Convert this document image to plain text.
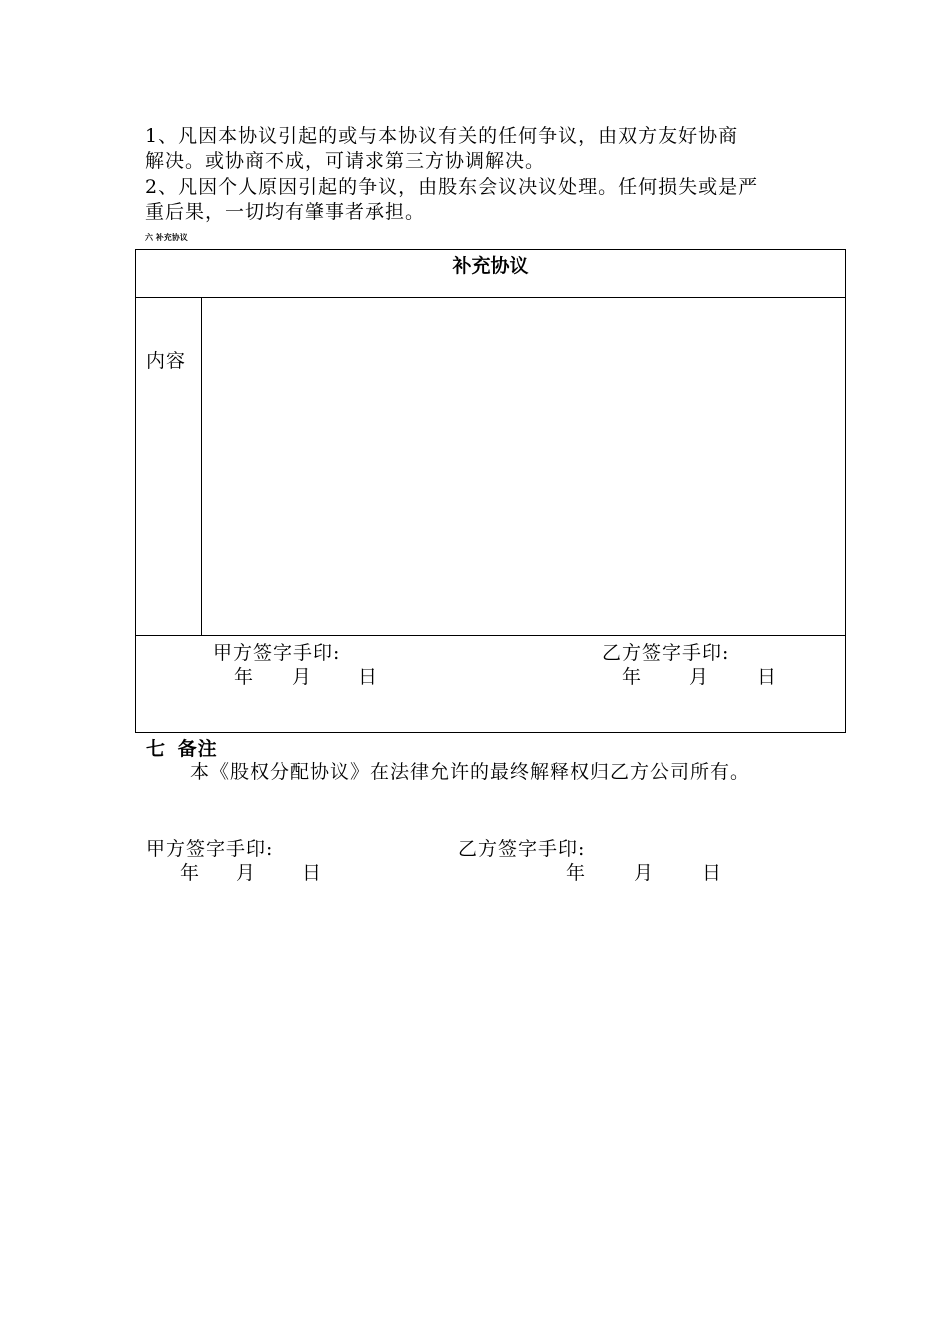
1、凡因本协议引起的或与本协议有关的任何争议，由双方友好协商
解决。或协商不成，可请求第三方协调解决。
2、凡因个人原因引起的争议，由股东会议决议处理。任何损失或是严
重后果，一切均有肇事者承担。
六 补充协议
补充协议
内容
甲方签字手印:
年 月 日
乙方签字手印:
年 月	日
七 备注
本《股权分配协议》在法律允许的最终解释权归乙方公司所有。
甲方签字手印:
年 月 日
乙方签字手印:
年	月	日
